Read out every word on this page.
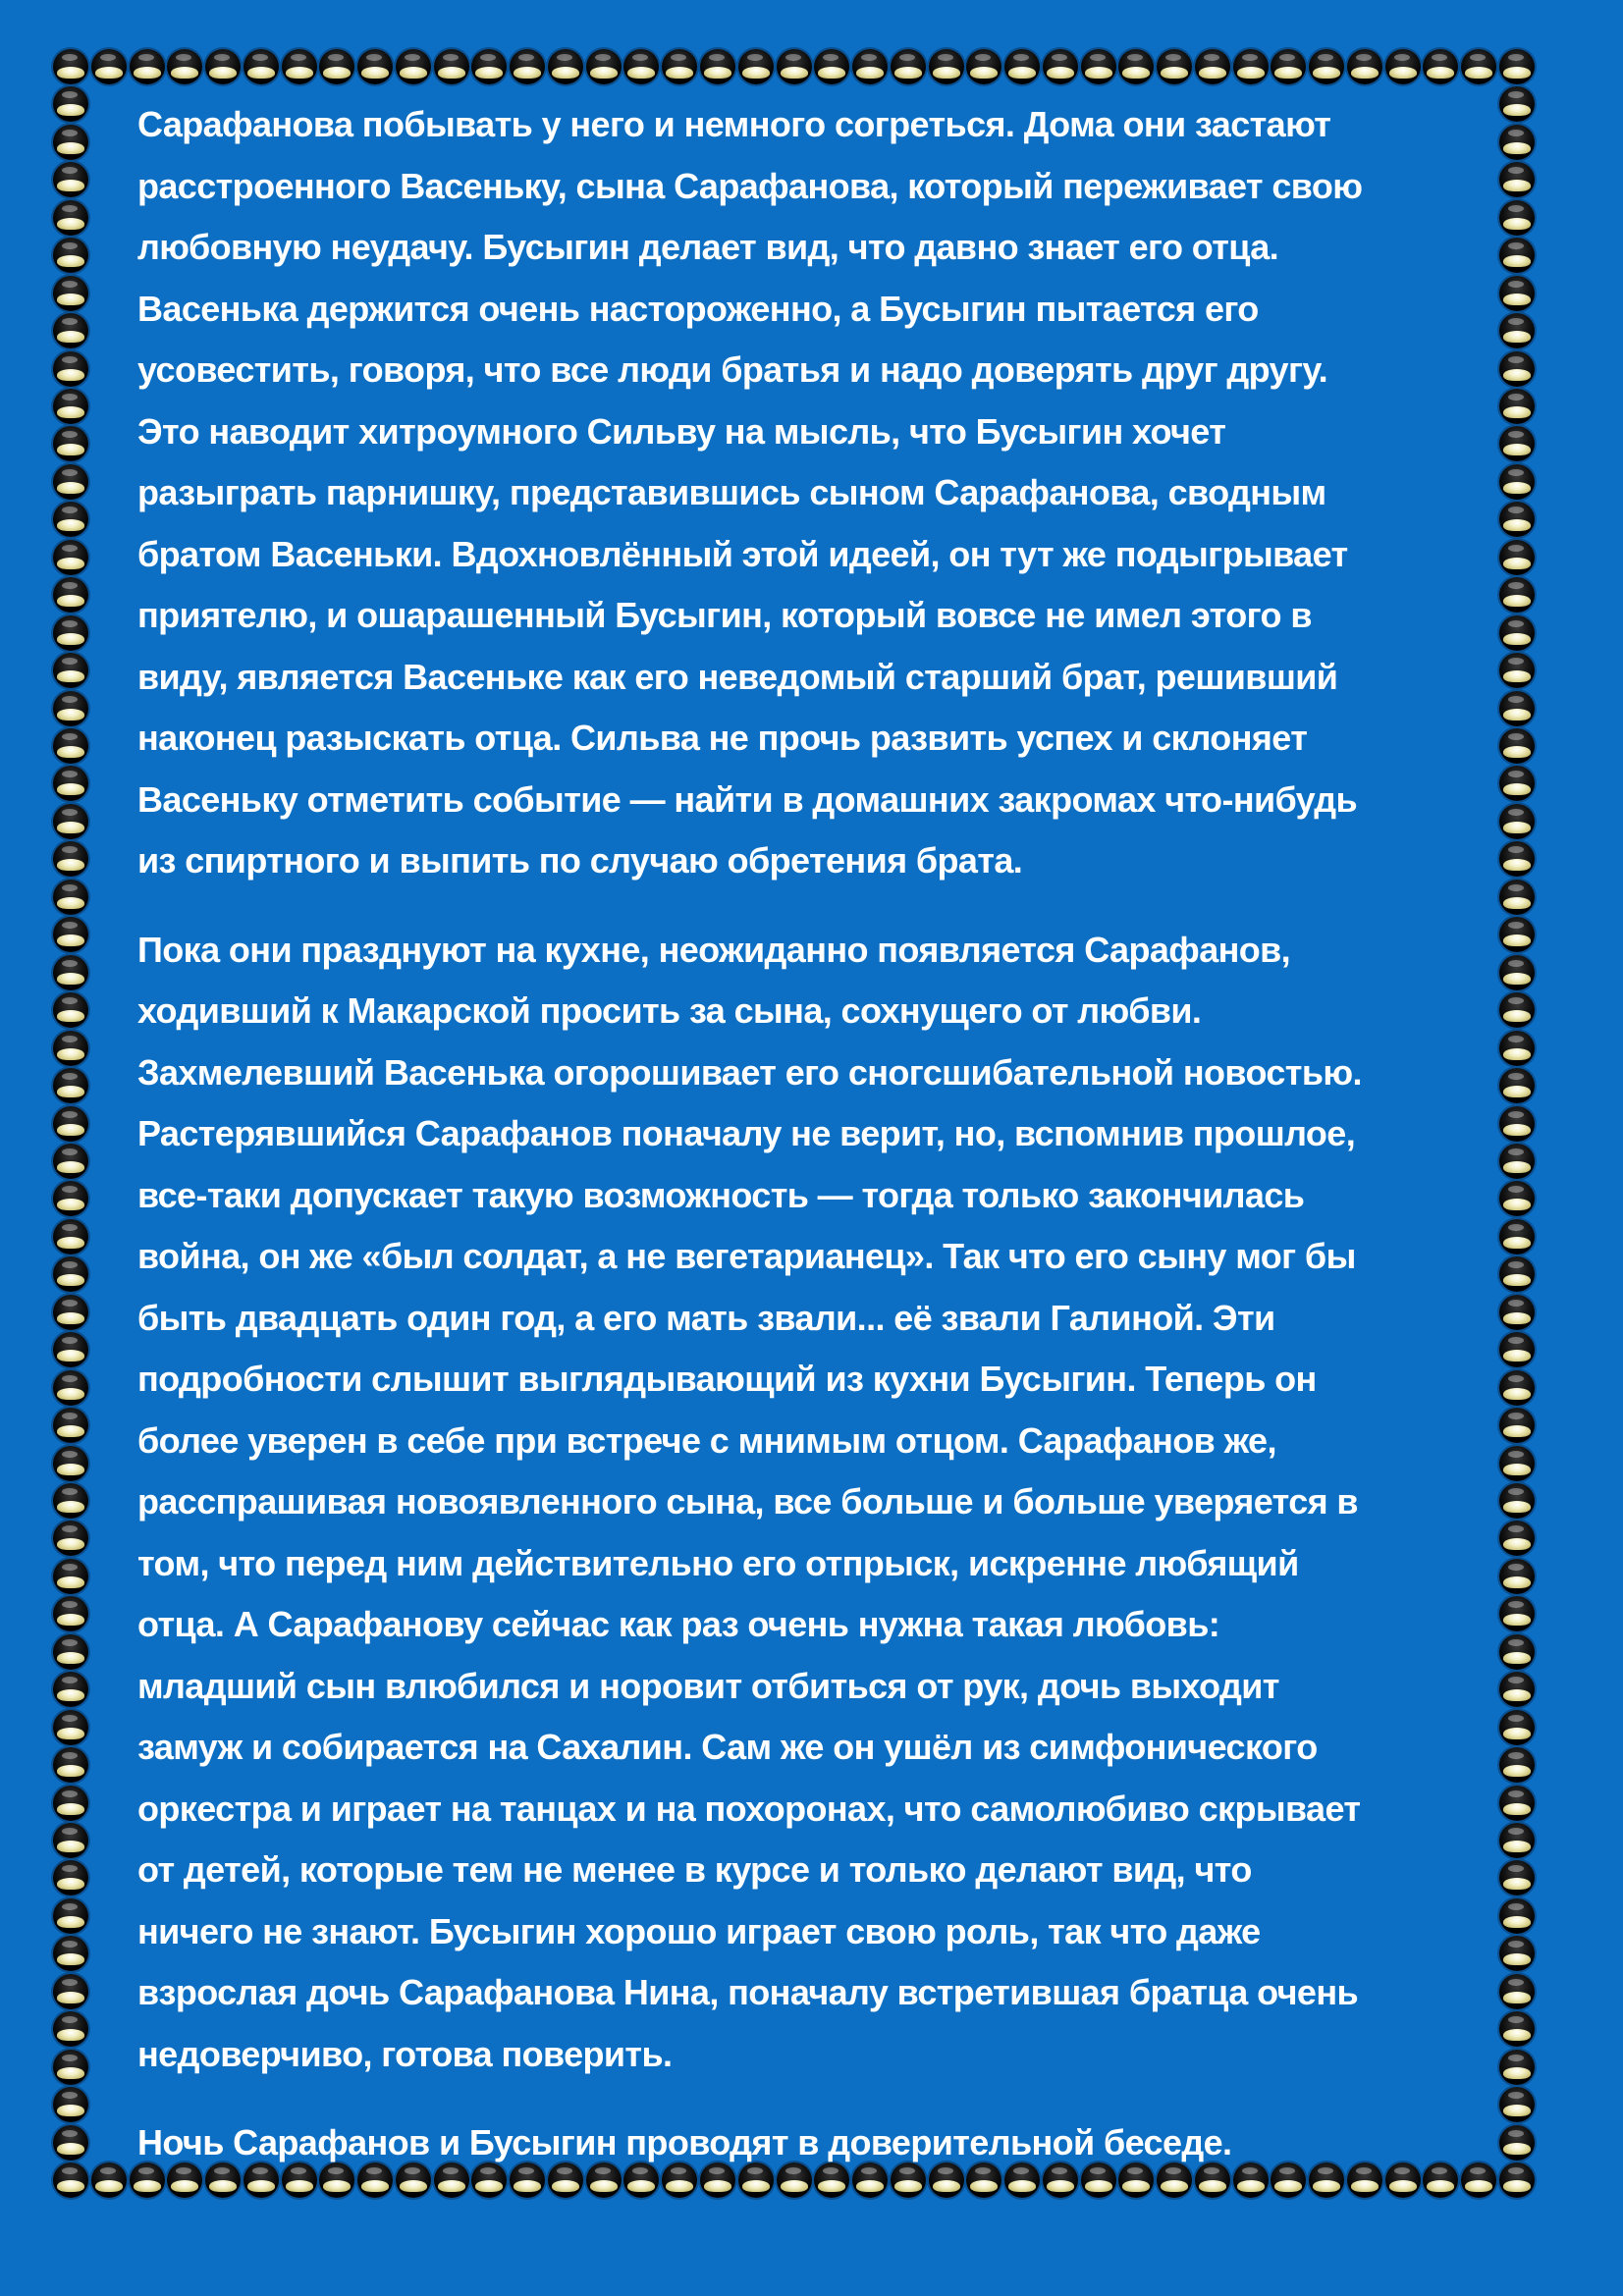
Сарафанова побывать у него и немного согреться. Дома они застают
расстроенного Васеньку, сына Сарафанова, который переживает свою
любовную неудачу. Бусыгин делает вид, что давно знает его отца.
Васенька держится очень настороженно, а Бусыгин пытается его
усовестить, говоря, что все люди братья и надо доверять друг другу.
Это наводит хитроумного Сильву на мысль, что Бусыгин хочет
разыграть парнишку, представившись сыном Сарафанова, сводным
братом Васеньки. Вдохновлённый этой идеей, он тут же подыгрывает
приятелю, и ошарашенный Бусыгин, который вовсе не имел этого в
виду, является Васеньке как его неведомый старший брат, решивший
наконец разыскать отца. Сильва не прочь развить успех и склоняет
Васеньку отметить событие — найти в домашних закромах что-нибудь
из спиртного и выпить по случаю обретения брата.

Пока они празднуют на кухне, неожиданно появляется Сарафанов,
ходивший к Макарской просить за сына, сохнущего от любви.
Захмелевший Васенька огорошивает его сногсшибательной новостью.
Растерявшийся Сарафанов поначалу не верит, но, вспомнив прошлое,
все-таки допускает такую возможность — тогда только закончилась
война, он же «был солдат, а не вегетарианец». Так что его сыну мог бы
быть двадцать один год, а его мать звали... её звали Галиной. Эти
подробности слышит выглядывающий из кухни Бусыгин. Теперь он
более уверен в себе при встрече с мнимым отцом. Сарафанов же,
расспрашивая новоявленного сына, все больше и больше уверяется в
том, что перед ним действительно его отпрыск, искренне любящий
отца. А Сарафанову сейчас как раз очень нужна такая любовь:
младший сын влюбился и норовит отбиться от рук, дочь выходит
замуж и собирается на Сахалин. Сам же он ушёл из симфонического
оркестра и играет на танцах и на похоронах, что самолюбиво скрывает
от детей, которые тем не менее в курсе и только делают вид, что
ничего не знают. Бусыгин хорошо играет свою роль, так что даже
взрослая дочь Сарафанова Нина, поначалу встретившая братца очень
недоверчиво, готова поверить.

Ночь Сарафанов и Бусыгин проводят в доверительной беседе.
